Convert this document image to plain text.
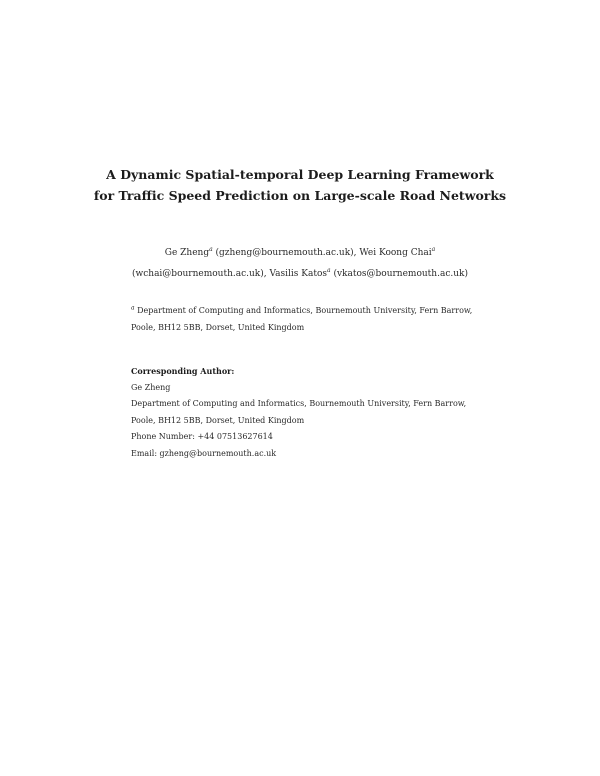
A Dynamic Spatial-temporal Deep Learning Framework
for Traffic Speed Prediction on Large-scale Road Networks
Ge Zheng$^a$ (gzheng@bournemouth.ac.uk), Wei Koong Chai$^a$
(wchai@bournemouth.ac.uk), Vasilis Katos$^a$ (vkatos@bournemouth.ac.uk)
$^a$ Department of Computing and Informatics, Bournemouth University, Fern Barrow,
Poole, BH12 5BB, Dorset, United Kingdom
Corresponding Author:
Ge Zheng
Department of Computing and Informatics, Bournemouth University, Fern Barrow,
Poole, BH12 5BB, Dorset, United Kingdom
Phone Number: +44 07513627614
Email: gzheng@bournemouth.ac.uk
